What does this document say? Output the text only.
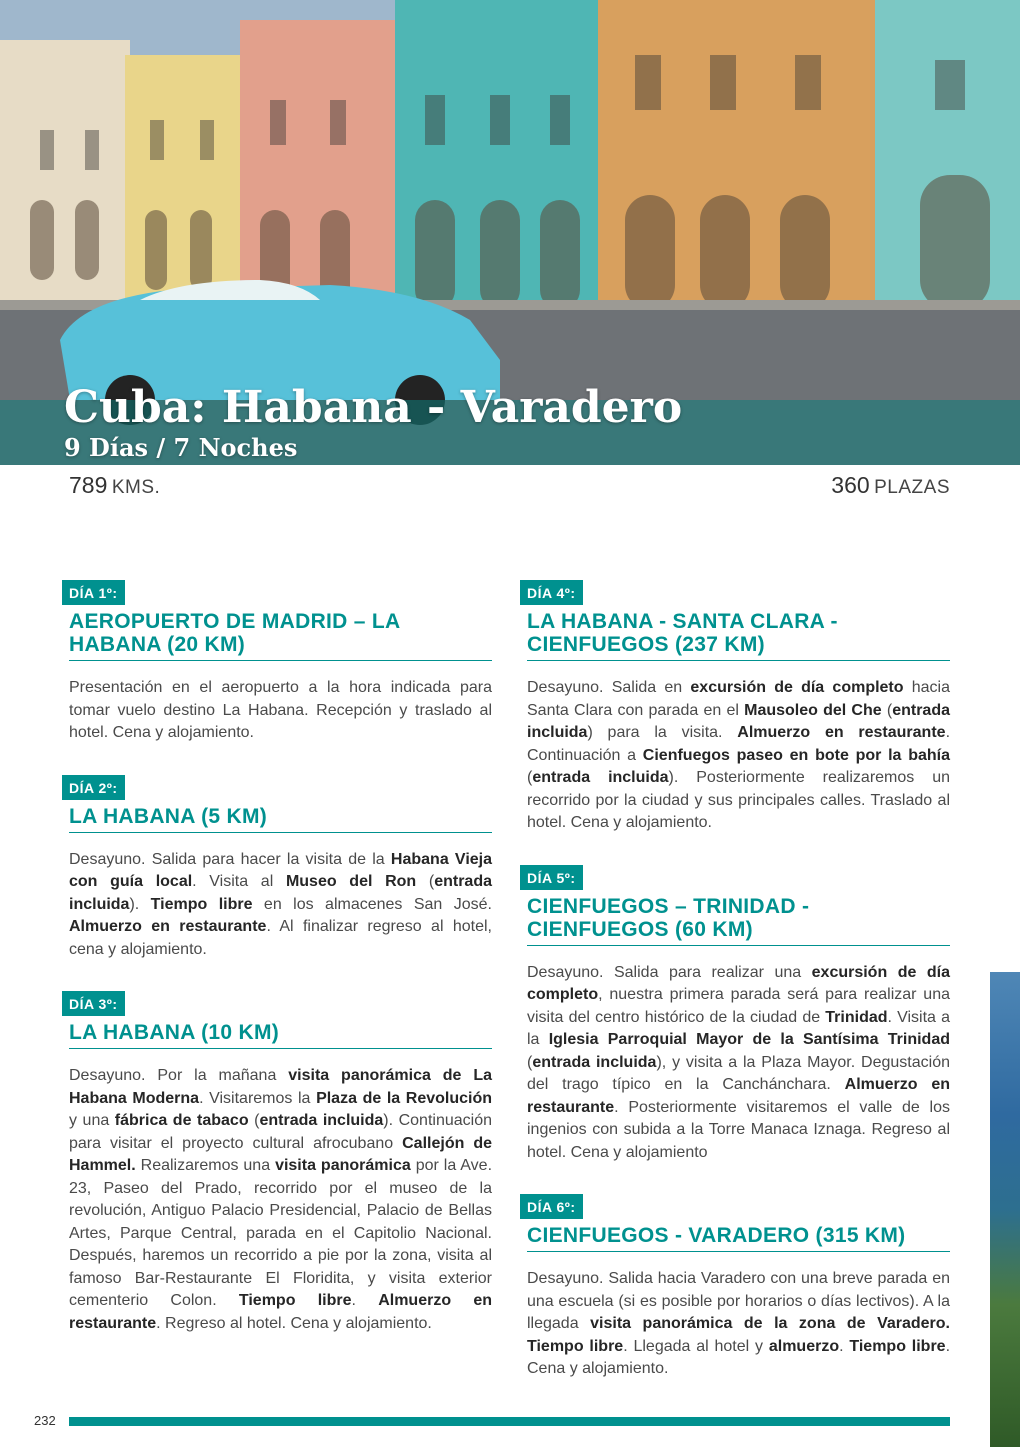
Cuba: Habana - Varadero
9 Días / 7 Noches
789 KMS.	360 PLAZAS
DÍA 1º:
AEROPUERTO DE MADRID – LA HABANA (20 KM)
Presentación en el aeropuerto a la hora indicada para tomar vuelo destino La Habana. Recepción y traslado al hotel. Cena y alojamiento.
DÍA 2º:
LA HABANA (5 KM)
Desayuno. Salida para hacer la visita de la Habana Vieja con guía local. Visita al Museo del Ron (entrada incluida). Tiempo libre en los almacenes San José. Almuerzo en restaurante. Al finalizar regreso al hotel, cena y alojamiento.
DÍA 3º:
LA HABANA (10 KM)
Desayuno. Por la mañana visita panorámica de La Habana Moderna. Visitaremos la Plaza de la Revolución y una fábrica de tabaco (entrada incluida). Continuación para visitar el proyecto cultural afrocubano Callejón de Hammel. Realizaremos una visita panorámica por la Ave. 23, Paseo del Prado, recorrido por el museo de la revolución, Antiguo Palacio Presidencial, Palacio de Bellas Artes, Parque Central, parada en el Capitolio Nacional. Después, haremos un recorrido a pie por la zona, visita al famoso Bar-Restaurante El Floridita, y visita exterior cementerio Colon. Tiempo libre. Almuerzo en restaurante. Regreso al hotel. Cena y alojamiento.
DÍA 4º:
LA HABANA - SANTA CLARA - CIENFUEGOS (237 KM)
Desayuno. Salida en excursión de día completo hacia Santa Clara con parada en el Mausoleo del Che (entrada incluida) para la visita. Almuerzo en restaurante. Continuación a Cienfuegos paseo en bote por la bahía (entrada incluida). Posteriormente realizaremos un recorrido por la ciudad y sus principales calles. Traslado al hotel. Cena y alojamiento.
DÍA 5º:
CIENFUEGOS – TRINIDAD - CIENFUEGOS (60 KM)
Desayuno. Salida para realizar una excursión de día completo, nuestra primera parada será para realizar una visita del centro histórico de la ciudad de Trinidad. Visita a la Iglesia Parroquial Mayor de la Santísima Trinidad (entrada incluida), y visita a la Plaza Mayor. Degustación del trago típico en la Canchánchara. Almuerzo en restaurante. Posteriormente visitaremos el valle de los ingenios con subida a la Torre Manaca Iznaga. Regreso al hotel. Cena y alojamiento
DÍA 6º:
CIENFUEGOS - VARADERO (315 KM)
Desayuno. Salida hacia Varadero con una breve parada en una escuela (si es posible por horarios o días lectivos). A la llegada visita panorámica de la zona de Varadero. Tiempo libre. Llegada al hotel y almuerzo. Tiempo libre. Cena y alojamiento.
232
